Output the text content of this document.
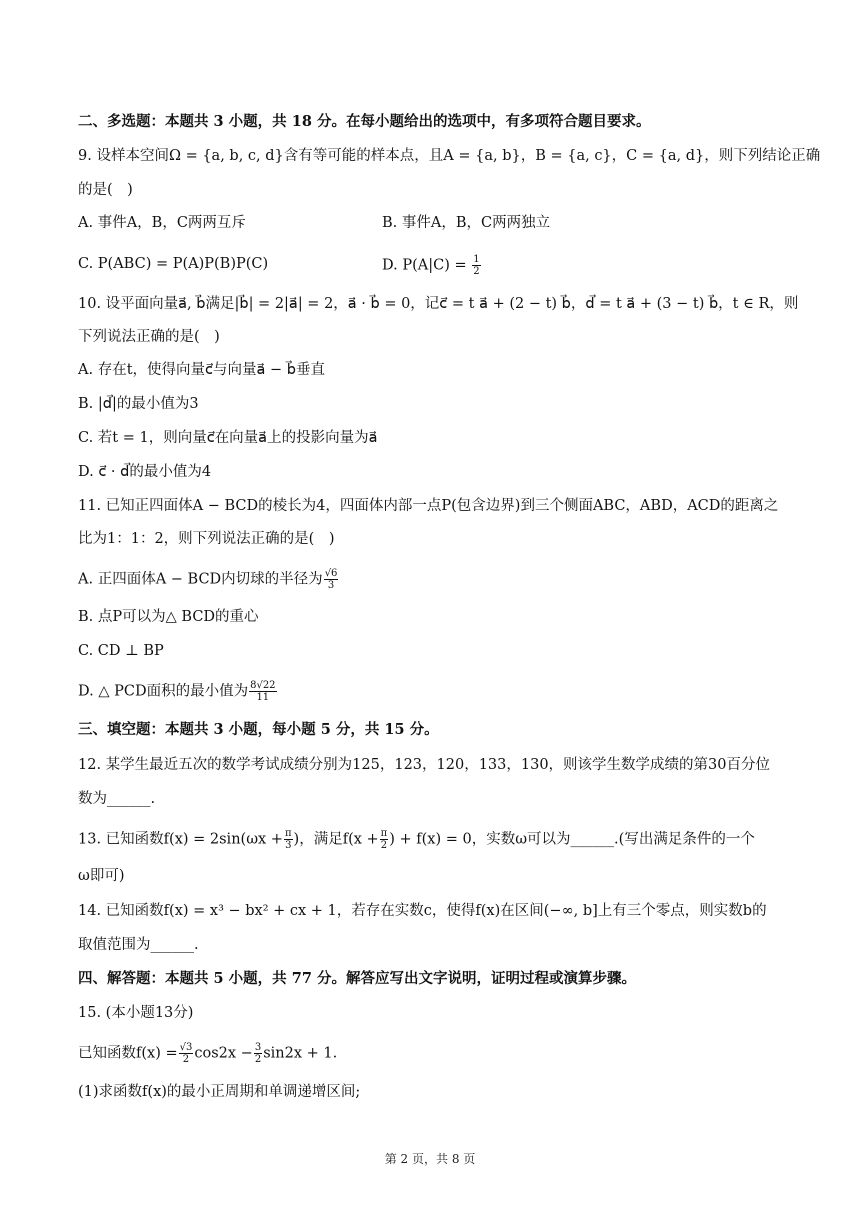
二、多选题：本题共 3 小题，共 18 分。在每小题给出的选项中，有多项符合题目要求。
9. 设样本空间Ω = {a, b, c, d}含有等可能的样本点，且A = {a, b}，B = {a, c}，C = {a, d}，则下列结论正确
的是(　)
A. 事件A，B，C两两互斥	B. 事件A，B，C两两独立
C. P(ABC) = P(A)P(B)P(C)	D. $P(A|C) = \frac{1}{2}$
10. 设平面向量a⃗, b⃗满足|b⃗| = 2|a⃗| = 2，a⃗ · b⃗ = 0，记c⃗ = t a⃗ + (2 − t) b⃗，d⃗ = t a⃗ + (3 − t) b⃗，t ∈ R，则
下列说法正确的是(　)
A. 存在t，使得向量c⃗与向量a⃗ − b⃗垂直
B. |d⃗|的最小值为3
C. 若t = 1，则向量c⃗在向量a⃗上的投影向量为a⃗
D. c⃗ · d⃗的最小值为4
11. 已知正四面体A − BCD的棱长为4，四面体内部一点P(包含边界)到三个侧面ABC，ABD，ACD的距离之
比为1：1：2，则下列说法正确的是(　)
A. 正四面体A − BCD内切球的半径为 $\frac{√6}{3}$
B. 点P可以为△ BCD的重心
C. CD ⊥ BP
D. △ PCD面积的最小值为 $\frac{8√22}{11}$
三、填空题：本题共 3 小题，每小题 5 分，共 15 分。
12. 某学生最近五次的数学考试成绩分别为125，123，120，133，130，则该学生数学成绩的第30百分位
数为______.
13. 已知函数$f(x) = 2\sin(\omega x + \frac{\pi}{3}$ )，满足$f(x + \frac{\pi}{2}$ ) + f(x) = 0，实数ω可以为______.(写出满足条件的一个
ω即可)
14. 已知函数f(x) = x³ − bx² + cx + 1，若存在实数c，使得f(x)在区间(−∞, b]上有三个零点，则实数b的
取值范围为______.
四、解答题：本题共 5 小题，共 77 分。解答应写出文字说明，证明过程或演算步骤。
15. (本小题13分)
已知函数$f(x) = \frac{√3}{2} \cos 2x - \frac{3}{2} \sin 2x + 1$.
(1)求函数f(x)的最小正周期和单调递增区间;
第 2 页，共 8 页
